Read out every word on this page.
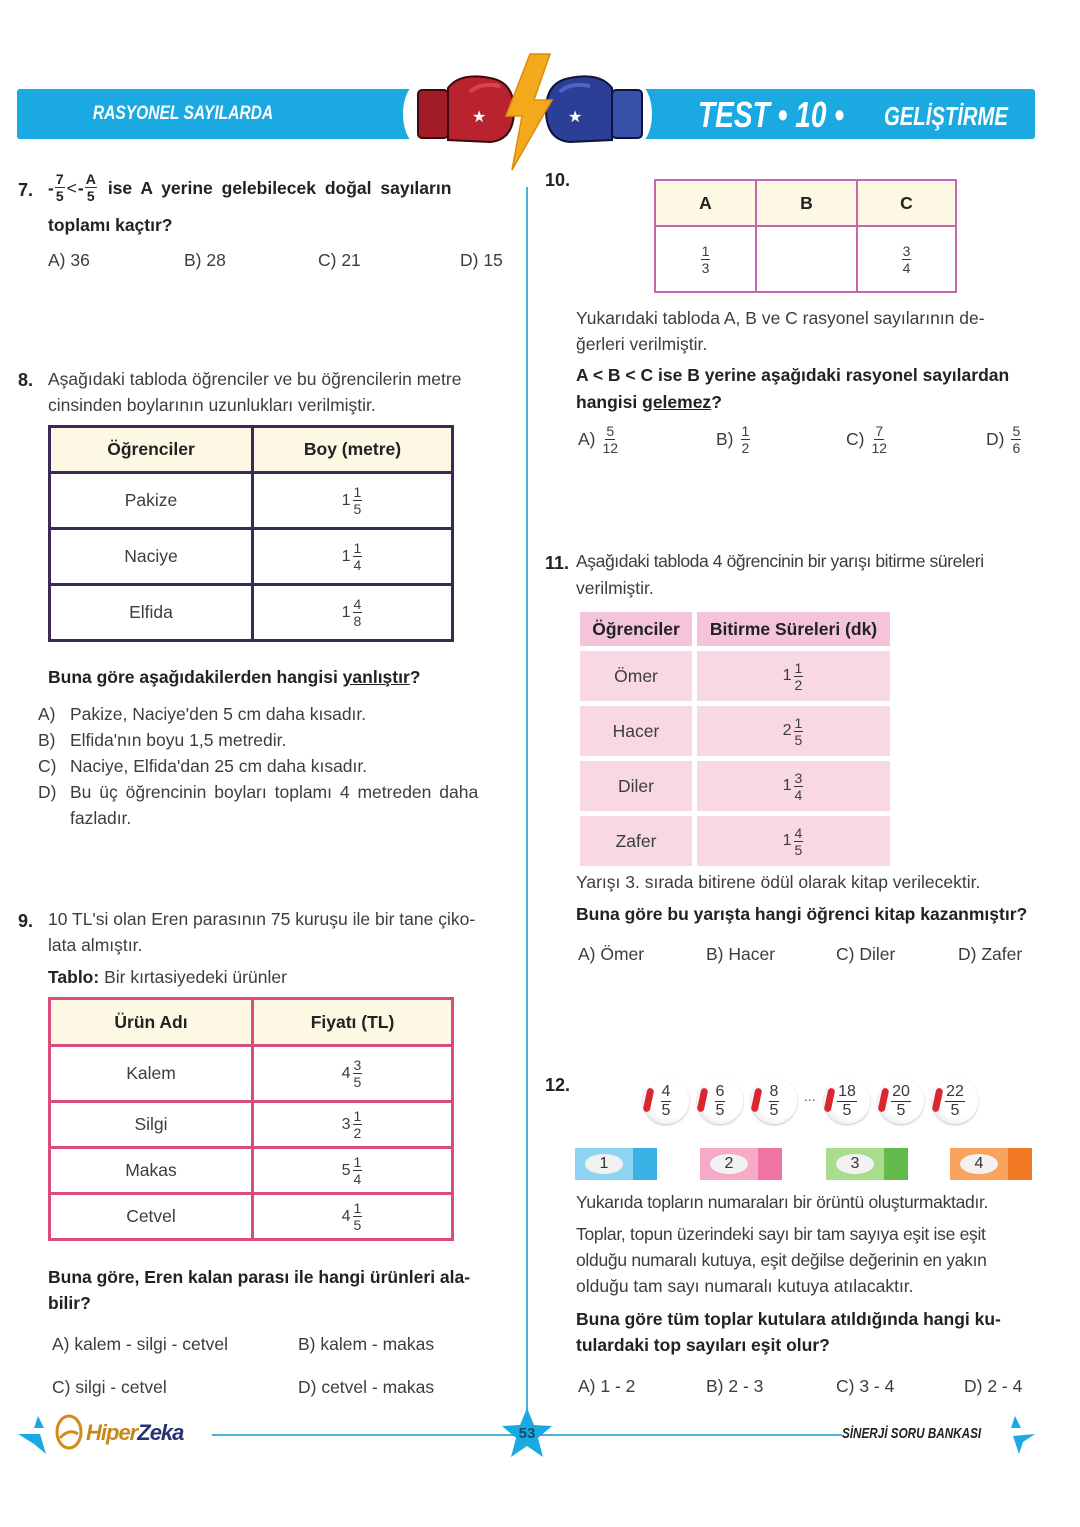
RASYONEL SAYILARDA SIRALAMA
TEST • 10 • GELİŞTİRME
★	★
7. - $\frac{7}{5}$ < - $\frac{A}{5}$ ise A yerine gelebilecek doğal sayıların
toplamı kaçtır?
A) 36	B) 28	C) 21	D) 15
8. Aşağıdaki tabloda öğrenciler ve bu öğrencilerin metre
cinsinden boylarının uzunlukları verilmiştir.
Öğrenciler	Boy (metre)
Pakize	$1 \frac{1}{5}$

Naciye	$1 \frac{1}{4}$

Elfida	$1 \frac{4}{8}$
Buna göre aşağıdakilerden hangisi yanlıştır?
A) Pakize, Naciye'den 5 cm daha kısadır.
B) Elfida'nın boyu 1,5 metredir.
C) Naciye, Elfida'dan 25 cm daha kısadır.
D) Bu üç öğrencinin boyları toplamı 4 metreden daha
fazladır.
9. 10 TL'si olan Eren parasının 75 kuruşu ile bir tane çiko-
lata almıştır.
Tablo: Bir kırtasiyedeki ürünler
Ürün Adı	Fiyatı (TL)
Kalem	$4 \frac{3}{5}$

Silgi	$3 \frac{1}{2}$

Makas	$5 \frac{1}{4}$

Cetvel	$4 \frac{1}{5}$
Buna göre, Eren kalan parası ile hangi ürünleri ala-
bilir?
A) kalem - silgi - cetvel	B) kalem - makas
C) silgi - cetvel	D) cetvel - makas
10.
A	B	C

$\frac{1}{3}$		$\frac{3}{4}$
Yukarıdaki tabloda A, B ve C rasyonel sayılarının de-
ğerleri verilmiştir.
A < B < C ise B yerine aşağıdaki rasyonel sayılardan
hangisi gelemez?
$A) \frac{5}{12}$	$B) \frac{1}{2}$	$C) \frac{7}{12}$	$D) \frac{5}{6}$
11. Aşağıdaki tabloda 4 öğrencinin bir yarışı bitirme süreleri
verilmiştir.
Öğrenciler	Bitirme Süreleri (dk)
Ömer	$1 \frac{1}{2}$

Hacer	$2 \frac{1}{5}$

Diler	$1 \frac{3}{4}$

Zafer	$1 \frac{4}{5}$
Yarışı 3. sırada bitirene ödül olarak kitap verilecektir.
Buna göre bu yarışta hangi öğrenci kitap kazanmıştır?
A) Ömer	B) Hacer	C) Diler	D) Zafer
12.	$\frac{4}{5}$	$\frac{6}{5}$	$\frac{8}{5}$ ... $\frac{18}{5} \frac{20}{5} \frac{22}{5}$
1	2	3	4
Yukarıda topların numaraları bir örüntü oluşturmaktadır.
Toplar, topun üzerindeki sayı bir tam sayıya eşit ise eşit
olduğu numaralı kutuya, eşit değilse değerinin en yakın
olduğu tam sayı numaralı kutuya atılacaktır.
Buna göre tüm toplar kutulara atıldığında hangi ku-
tulardaki top sayıları eşit olur?
A) 1 - 2	B) 2 - 3	C) 3 - 4	D) 2 - 4
HiperZeka	53	SİNERJİ SORU BANKASI
